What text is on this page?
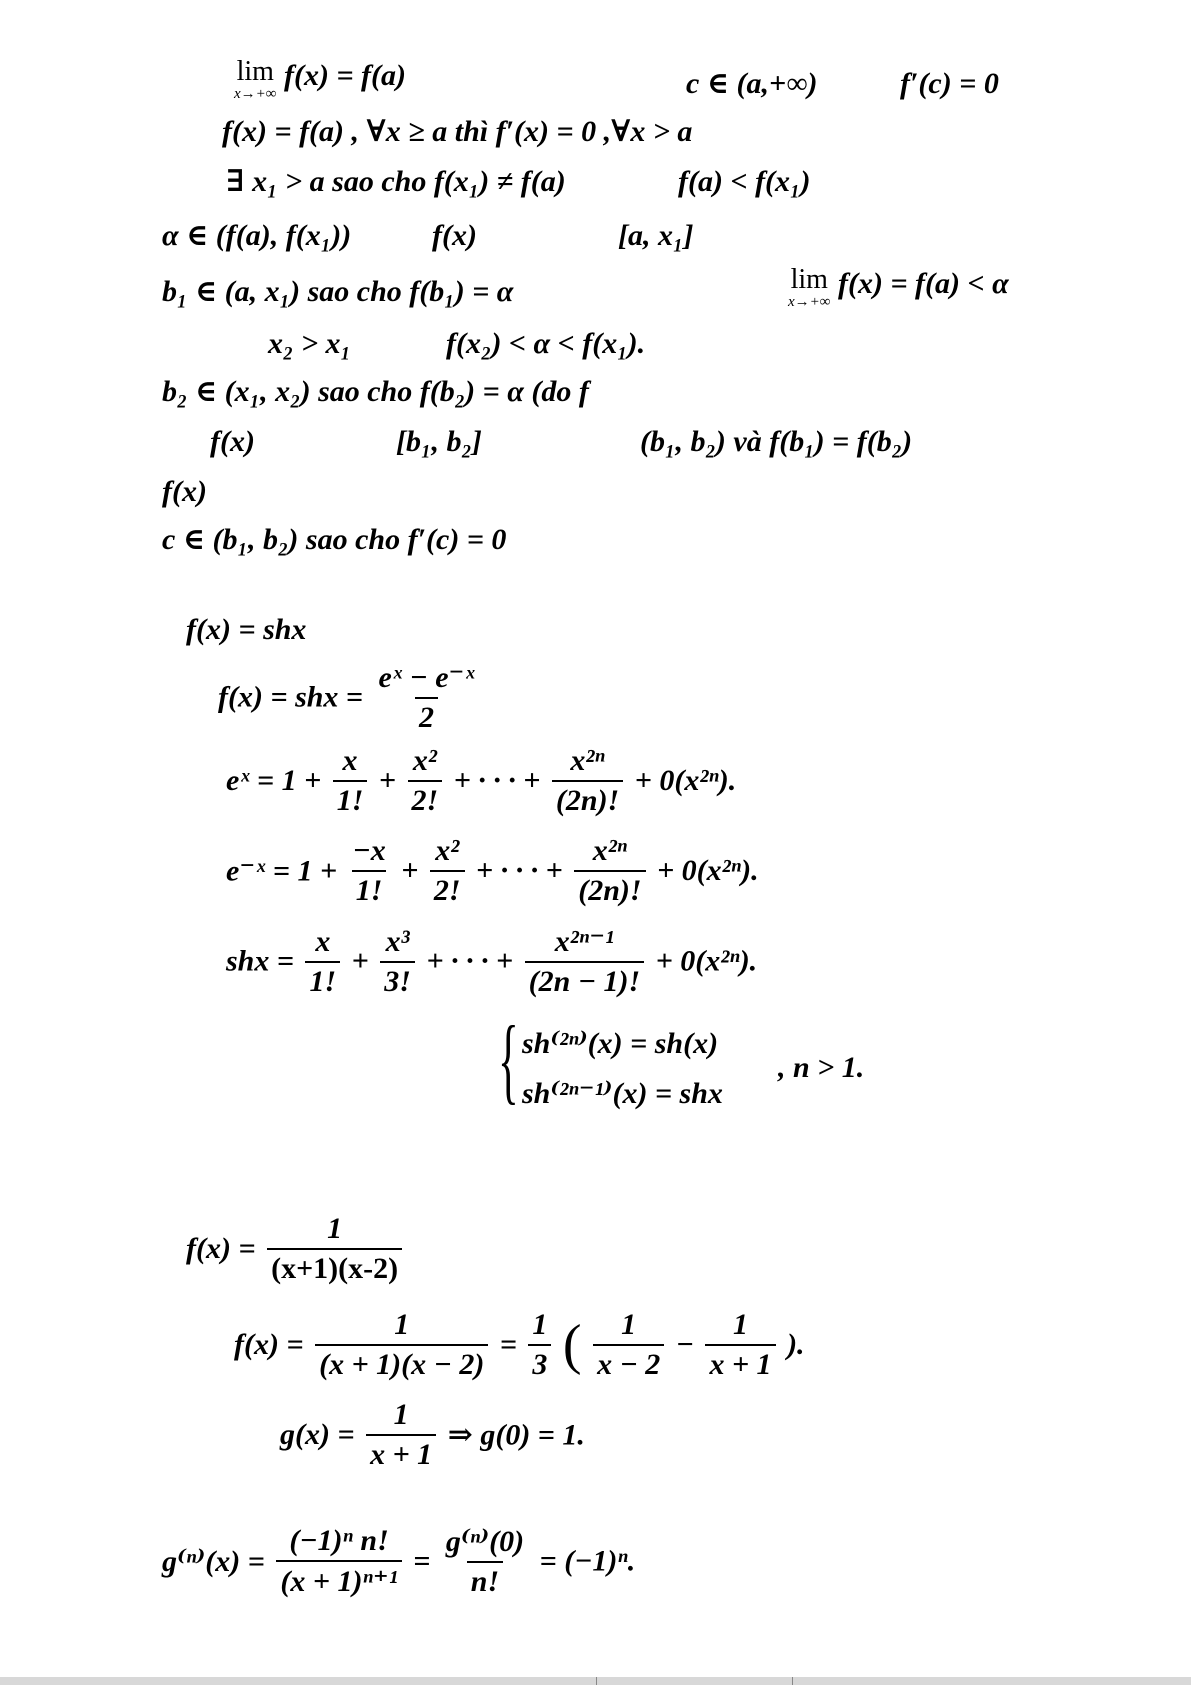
lim
x→+∞
f(x) = f(a)	c ∈ (a,+∞)	f′(c) = 0
f(x) = f(a) , ∀x ≥ a thì f′(x) = 0 ,∀x > a
∃ x₁ > a sao cho f(x₁) ≠ f(a)	f(a) < f(x₁)
α ∈ (f(a), f(x₁))	f(x)	[a, x₁]
b₁ ∈ (a, x₁) sao cho f(b₁) = α	lim
x→+∞
f(x) = f(a) < α
x₂ > x₁	f(x₂) < α < f(x₁).
b₂ ∈ (x₁, x₂) sao cho f(b₂) = α (do f
f(x)	[b₁, b₂]	(b₁, b₂) và f(b₁) = f(b₂)
f(x)
c ∈ (b₁, b₂) sao cho f′(c) = 0
f(x) = shx
f(x) = shx = $\frac{\text{eˣ − e⁻ˣ}}{2}$
eˣ = $1 + \frac{x}{1!} + \frac{\text{x²}}{2!}$ + · · · + $\frac{\text{x²ⁿ}}{(2n)!} + 0(x^{2n})$.
e⁻ˣ = $1 + \frac{-x}{1!} + \frac{\text{x²}}{2!}$ + · · · + $\frac{\text{x²ⁿ}}{(2n)!} + 0(x^{2n})$.
shx = $\frac{x}{1!} + \frac{\text{x³}}{3!}$ + · · · + $\frac{\text{x²ⁿ⁻¹}}{(2n - 1)!} + 0(x^{2n})$.
{ sh⁽²ⁿ⁾(x) = sh(x)
sh⁽²ⁿ⁻¹⁾(x) = shx
, n > 1.
$f(x) = \frac{1}{(x+1)(x-2)}$
$f(x) = \frac{1}{(x + 1)(x - 2)} = \frac{1}{3}$ ( $\frac{1}{x - 2} - \frac{1}{x + 1}$ ).
$g(x) = \frac{1}{x + 1}$ ⇒ g(0) = 1.
$g^{(n)}(x) = \frac{\text{(−1)ⁿ n!}}{\text{(x + 1)ⁿ⁺¹}} = \frac{\text{g⁽ⁿ⁾(0)}}{n!} = (-1)^n$.
